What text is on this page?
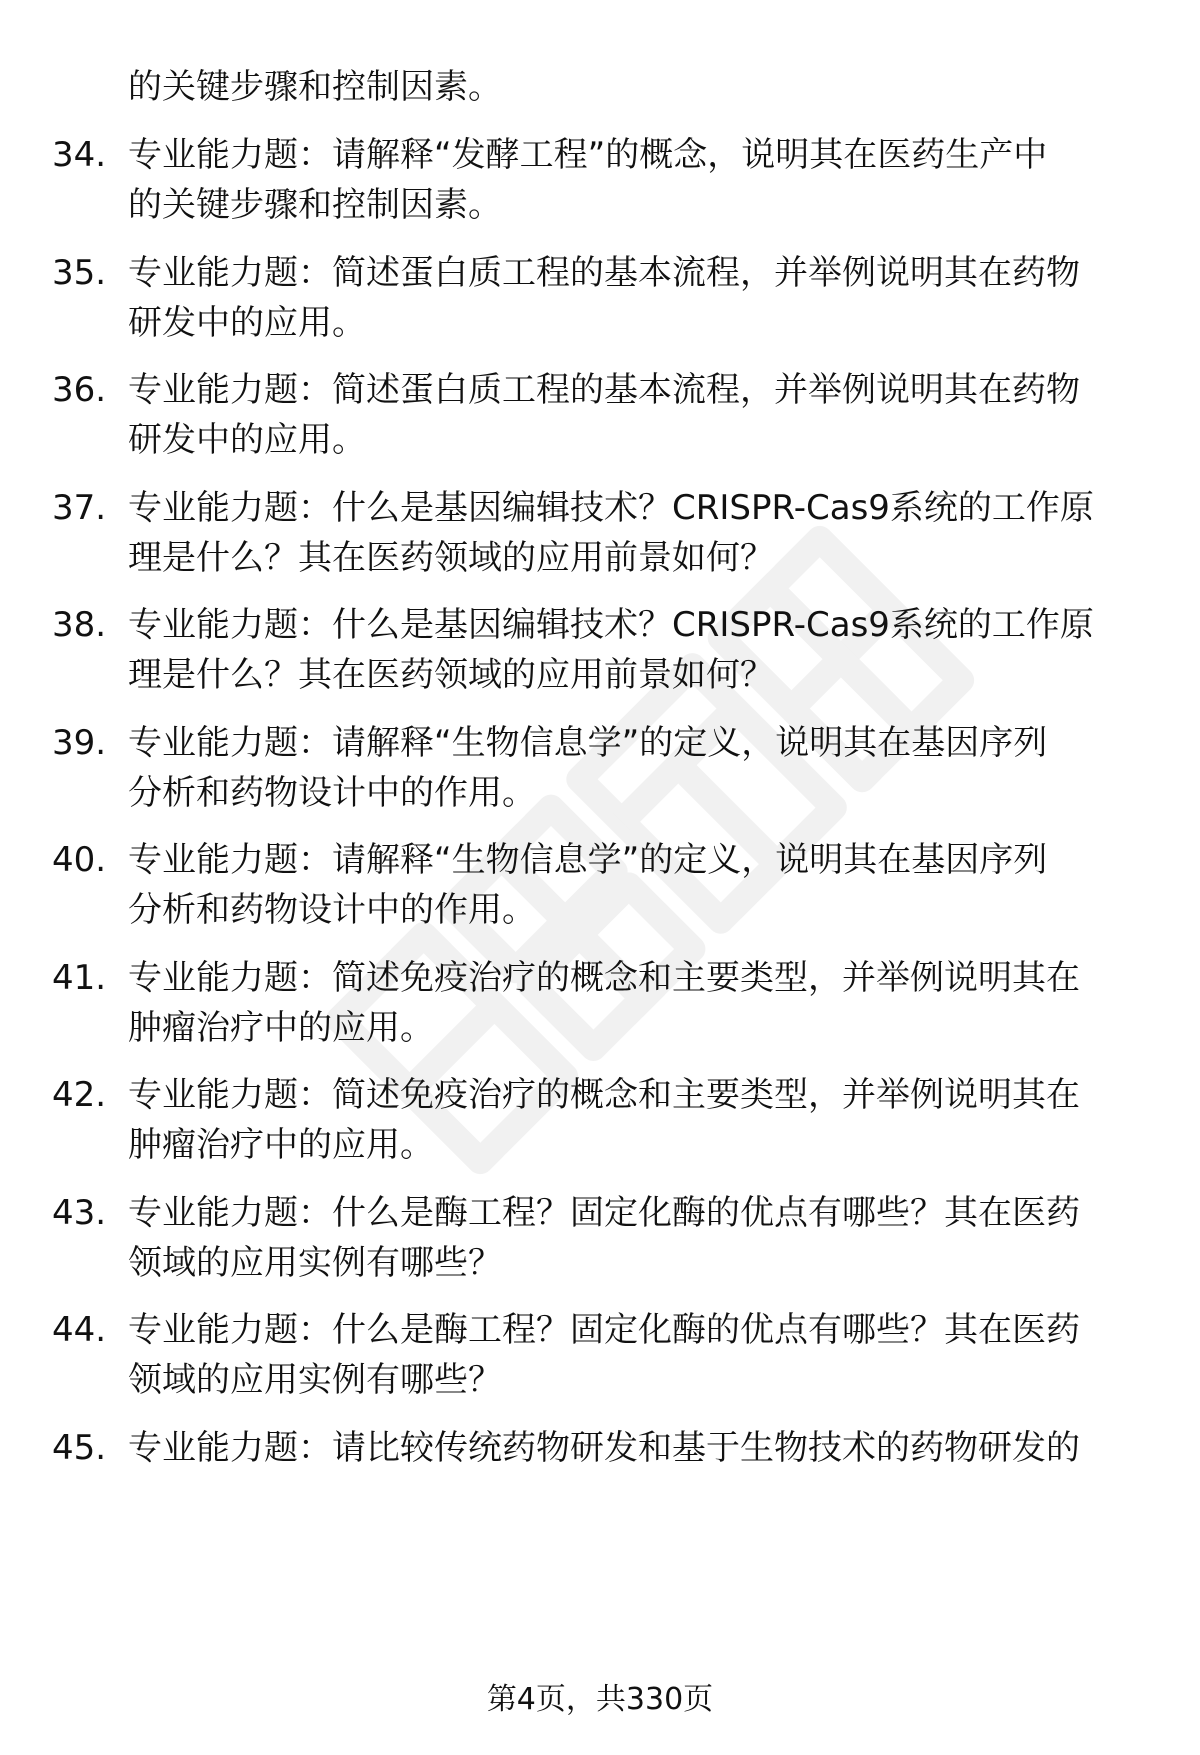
的关键步骤和控制因素。
34. 专业能力题：请解释“发酵工程”的概念，说明其在医药生产中
的关键步骤和控制因素。
35. 专业能力题：简述蛋白质工程的基本流程，并举例说明其在药物
研发中的应用。
36. 专业能力题：简述蛋白质工程的基本流程，并举例说明其在药物
研发中的应用。
37. 专业能力题：什么是基因编辑技术？CRISPR-Cas9系统的工作原
理是什么？其在医药领域的应用前景如何？
38. 专业能力题：什么是基因编辑技术？CRISPR-Cas9系统的工作原
理是什么？其在医药领域的应用前景如何？
39. 专业能力题：请解释“生物信息学”的定义，说明其在基因序列
分析和药物设计中的作用。
40. 专业能力题：请解释“生物信息学”的定义，说明其在基因序列
分析和药物设计中的作用。
41. 专业能力题：简述免疫治疗的概念和主要类型，并举例说明其在
肿瘤治疗中的应用。
42. 专业能力题：简述免疫治疗的概念和主要类型，并举例说明其在
肿瘤治疗中的应用。
43. 专业能力题：什么是酶工程？固定化酶的优点有哪些？其在医药
领域的应用实例有哪些？
44. 专业能力题：什么是酶工程？固定化酶的优点有哪些？其在医药
领域的应用实例有哪些？
45. 专业能力题：请比较传统药物研发和基于生物技术的药物研发的
第4页，共330页
